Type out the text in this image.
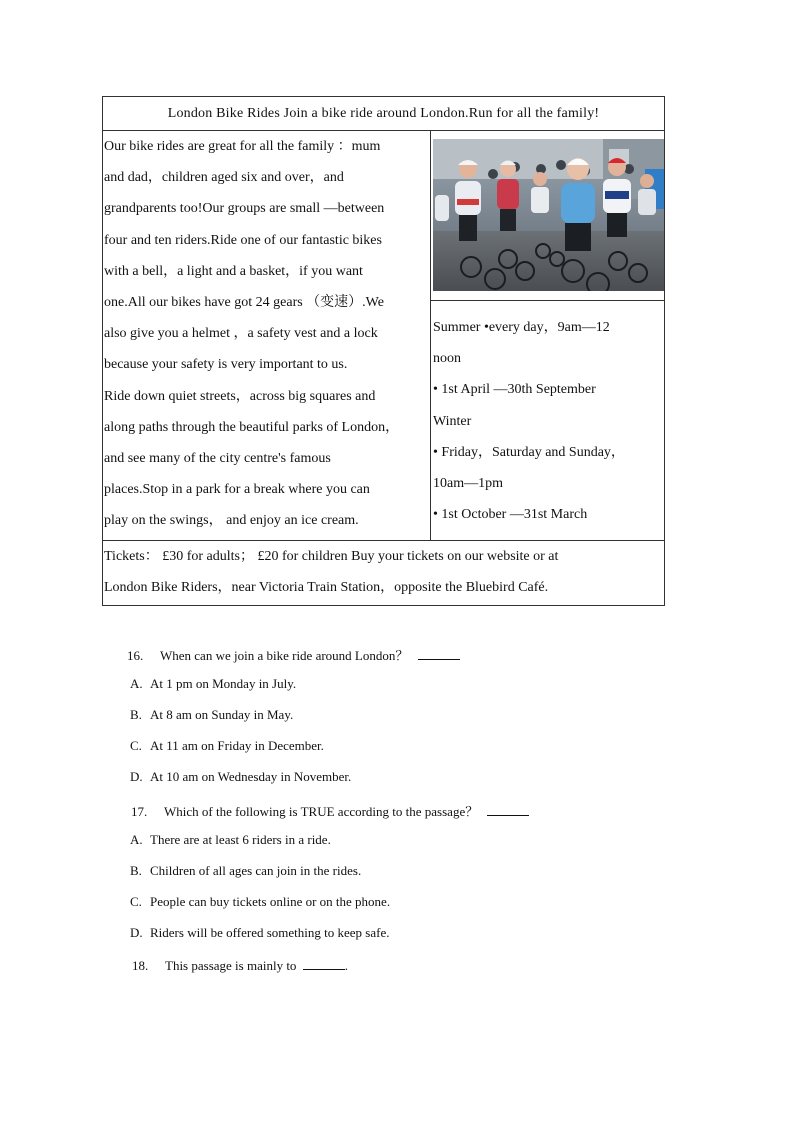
London Bike Rides Join a bike ride around London.Run for all the family!
Our bike rides are great for all the family ：mum
and dad，children aged six and over，and
grandparents too!Our groups are small —between
four and ten riders.Ride one of our fantastic bikes
with a bell，a light and a basket，if you want
one.All our bikes have got 24 gears （变速）.We
also give you a helmet ，a safety vest and a lock
because your safety is very important to us.
Ride down quiet streets，across big squares and
along paths through the beautiful parks of London，
and see many of the city centre's famous
places.Stop in a park for a break where you can
play on the swings， and enjoy an ice cream.
Summer •every day，9am—12
noon
• 1st April —30th September
Winter
• Friday，Saturday and Sunday，
10am—1pm
• 1st October —31st March
Tickets： £30 for adults； £20 for children Buy your tickets on our website or at
London Bike Riders，near Victoria Train Station，opposite the Bluebird Café.
16. When can we join a bike ride around London？
A. At 1 pm on Monday in July.
B. At 8 am on Sunday in May.
C. At 11 am on Friday in December.
D. At 10 am on Wednesday in November.
17. Which of the following is TRUE according to the passage？
A. There are at least 6 riders in a ride.
B. Children of all ages can join in the rides.
C. People can buy tickets online or on the phone.
D. Riders will be offered something to keep safe.
18. This passage is mainly to	.
